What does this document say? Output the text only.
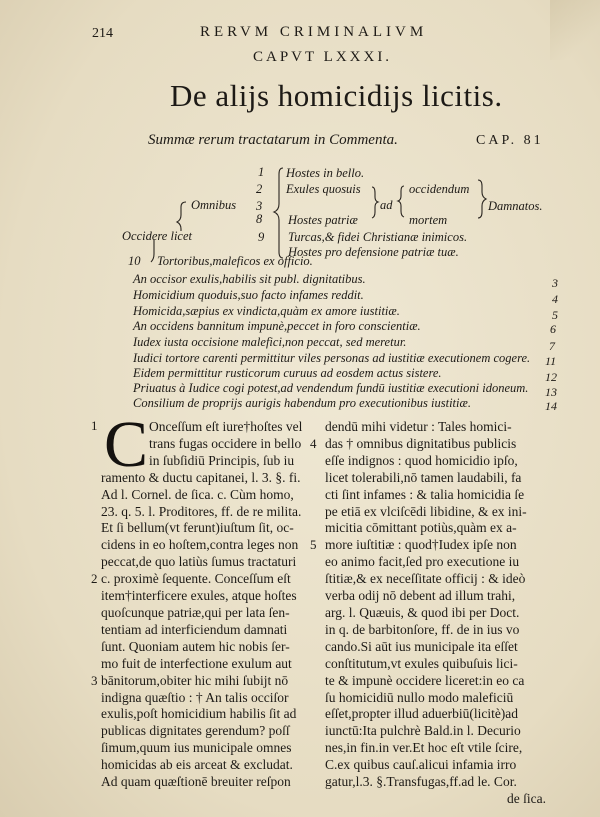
214	RERVM CRIMINALIVM
CAPVT LXXXI.
De alijs homicidijs licitis.
Summæ rerum tractatarum in Commenta.	CAP. 81
1
2
3
8
9
10
Hostes in bello.
Exules quosuis
Omnibus
Occidere licet
Hostes patriæ
Turcas,& fidei Christianæ inimicos.
Hostes pro defensione patriæ tuæ.
ad
occidendum
mortem
Damnatos.
Tortoribus,maleficos ex officio.
An occisor exulis,habilis sit publ. dignitatibus.	3
Homicidium quoduis,suo facto infames reddit.	4
Homicida,sæpius ex vindicta,quàm ex amore iustitiæ.	5
An occidens bannitum impunè,peccet in foro conscientiæ.	6
Iudex iusta occisione malefici,non peccat, sed meretur.	7
Iudici tortore carenti permittitur viles personas ad iustitiæ executionem cogere. 11
Eidem permittitur rusticorum curuus ad eosdem actus sistere.	12
Priuatus à Iudice cogi potest,ad vendendum fundū iustitiæ executioni idoneum. 13
Consilium de proprijs aurigis habendum pro executionibus iustitiæ.	14
C
1
2
3
4
5
Onceſſum eſt iure†hoſtes vel
trans fugas occidere in bello
in ſubſidiū Principis, ſub iu
ramento & ductu capitanei, l. 3. §. fi.
Ad l. Cornel. de ſica. c. Cùm homo,
23. q. 5. l. Proditores, ff. de re milita.
Et ſi bellum(vt ferunt)iuſtum ſit, oc-
cidens in eo hoſtem,contra leges non
peccat,de quo latiùs ſumus tractaturi
c. proximè ſequente. Conceſſum eſt
item†interficere exules, atque hoſtes
quoſcunque patriæ,qui per lata ſen-
tentiam ad interficiendum damnati
ſunt. Quoniam autem hic nobis ſer-
mo fuit de interfectione exulum aut
bānitorum,obiter hic mihi ſubijt nō
indigna quæſtio : † An talis occiſor
exulis,poſt homicidium habilis ſit ad
publicas dignitates gerendum? poſſ
ſimum,quum ius municipale omnes
homicidas ab eis arceat & excludat.
Ad quam quæſtionē breuiter reſpon
dendū mihi videtur : Tales homici-
das † omnibus dignitatibus publicis
eſſe indignos : quod homicidio ipſo,
licet tolerabili,nō tamen laudabili, fa
cti ſint infames : & talia homicidia ſe
pe etiā ex vlciſcēdi libidine, & ex ini-
micitia cōmittant potiùs,quàm ex a-
more iuſtitiæ : quod†Iudex ipſe non
eo animo facit,ſed pro executione iu
ſtitiæ,& ex neceſſitate officij : & ideò
verba odij nō debent ad illum trahi,
arg. l. Quæuis, & quod ibi per Doct.
in q. de barbitonſore, ff. de in ius vo
cando.Si aūt ius municipale ita eſſet
conſtitutum,vt exules quibuſuis lici-
te & impunè occidere liceret:in eo ca
ſu homicidiū nullo modo maleficiū
eſſet,propter illud aduerbiū(licitè)ad
iunctū:Ita pulchrè Bald.in l. Decurio
nes,in fin.in ver.Et hoc eſt vtile ſcire,
C.ex quibus cauſ.alicui infamia irro
gatur,l.3. §.Transfugas,ff.ad le. Cor.
de ſica.
